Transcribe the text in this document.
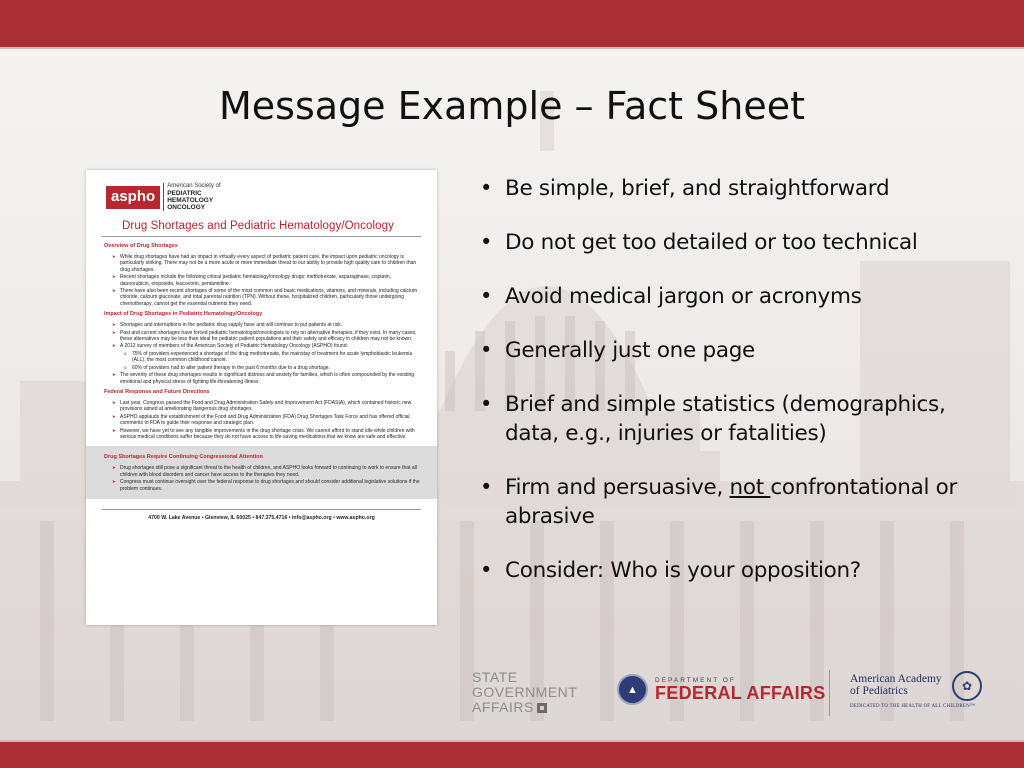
Message Example – Fact Sheet
aspho
American Society of
PEDIATRIC
HEMATOLOGY
ONCOLOGY
Drug Shortages and Pediatric Hematology/Oncology
Overview of Drug Shortages
➤ While drug shortages have had an impact in virtually every aspect of pediatric patient care, the impact upon pediatric oncology is particularly striking. There may not be a more acute or more immediate threat to our ability to provide high quality care to children than drug shortages.
➤ Recent shortages include the following critical pediatric hematology/oncology drugs: methotrexate, asparaginase, cisplatin, daunorubicin, etoposide, leucovorin, pentamidine.
➤ There have also been recent shortages of some of the most common and basic medications, vitamins, and minerals, including calcium chloride, calcium gluconate, and total parental nutrition (TPN). Without these, hospitalized children, particularly those undergoing chemotherapy, cannot get the essential nutrients they need.
Impact of Drug Shortages in Pediatric Hematology/Oncology
➤ Shortages and interruptions in the pediatric drug supply have and will continue to put patients at risk.
➤ Past and current shortages have forced pediatric hematologist/oncologists to rely on alternative therapies, if they exist. In many cases, these alternatives may be less than ideal for pediatric patient populations and their safety and efficacy in children may not be known.
➤ A 2012 survey of members of the American Society of Pediatric Hematology Oncology (ASPHO) found:
o 75% of providers experienced a shortage of the drug methotrexate, the mainstay of treatment for acute lymphoblastic leukemia (ALL), the most common childhood cancer.
o 60% of providers had to alter patient therapy in the past 6 months due to a drug shortage.
➤ The severity of these drug shortages results in significant distress and anxiety for families, which is often compounded by the existing emotional and physical stress of fighting life-threatening illness.
Federal Response and Future Directions
➤ Last year, Congress passed the Food and Drug Administration Safety and Improvement Act (FDASIA), which contained historic new provisions aimed at ameliorating dangerous drug shortages.
➤ ASPHO applauds the establishment of the Food and Drug Administration (FDA) Drug Shortages Task Force and has offered official comments to FDA to guide their response and strategic plan.
➤ However, we have yet to see any tangible improvements in the drug shortage crisis. We cannot afford to stand idle while children with serious medical conditions suffer because they do not have access to life-saving medications that we know are safe and effective.
Drug Shortages Require Continuing Congressional Attention
➤ Drug shortages still pose a significant threat to the health of children, and ASPHO looks forward to continuing to work to ensure that all children with blood disorders and cancer have access to the therapies they need.
➤ Congress must continue oversight over the federal response to drug shortages and should consider additional legislative solutions if the problem continues.
4700 W. Lake Avenue • Glenview, IL 60025 • 847.375.4716 • info@aspho.org • www.aspho.org
• Be simple, brief, and straightforward
• Do not get too detailed or too technical
• Avoid medical jargon or acronyms
• Generally just one page
• Brief and simple statistics (demographics, data, e.g., injuries or fatalities)
• Firm and persuasive, not confrontational or abrasive
• Consider: Who is your opposition?
STATE
GOVERNMENT
AFFAIRS
▲
DEPARTMENT OF
FEDERAL AFFAIRS
American Academy of Pediatrics
DEDICATED TO THE HEALTH OF ALL CHILDREN™
✿
